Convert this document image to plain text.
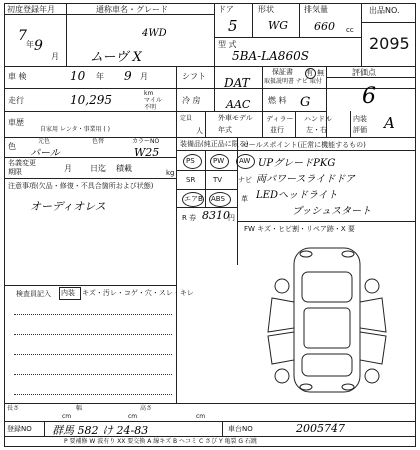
初度登録年月
7
年 9
月
通称車名・グレード
4WD
ムーヴ X
ドア
5
形状
WG
排気量
660 cc
型 式
5BA-LA860S
出品NO.
2095
車 検	10 年 9 月	シフト DAT
保証書
取扱説明書 ナビ 取付
有 無	評価点
6
走行	10,295	km
マイル
不明
冷 房 AAC 燃 料 G
車歴
自家用 レンタ・事業用 ( )
定員
人
外車モデル
年式
ディラー
並行
ハンドル
左・右
内装
評価 A
色
元色	色替	カラーNO
パール	W25
名義変更
期限	月 日迄 積載	kg
注意事項(欠品・修復・不具合箇所および状態)
オーディオレス
装備品(純正品に限る)
PS	PW AW
SR	TV ナビ
エアB ABS 革
R 券 8310
円
セールスポイント(正常に機能するもの)
UPグレードPKG
両パワースライドドア
LEDヘッドライト
プッシュスタート
FW キズ・ヒビ割・リペア跡・X 要
検査員記入 内装 キズ・汚レ・コゲ・穴・スレ・キレ
長さ
cm
幅
cm
高さ
cm
登録NO 群馬 582 け 24-83	車台NO	2005747
P 要補修 W 波有り XX 要交換 A 線キズ B ヘコミ C さび Y 亀裂 G 石跳
